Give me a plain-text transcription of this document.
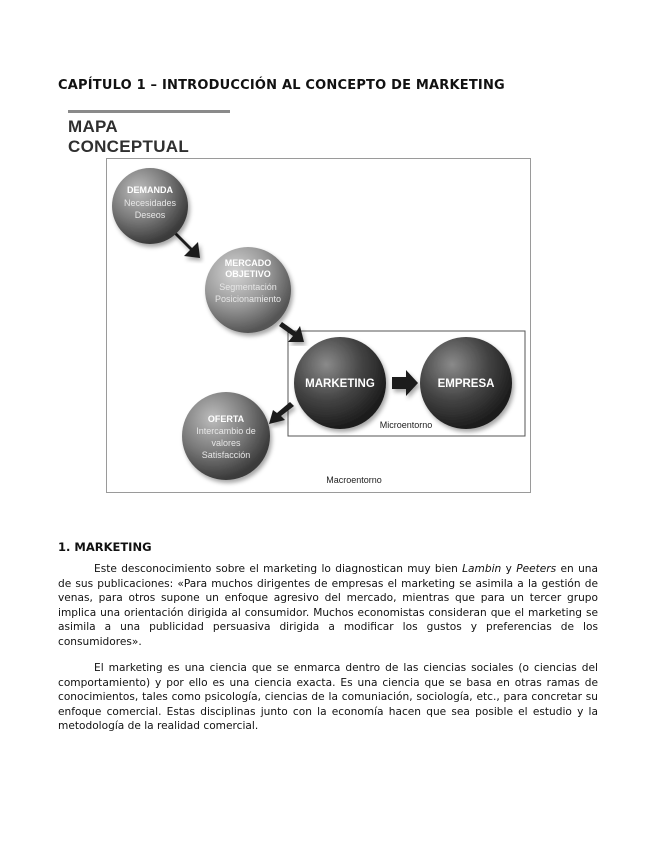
CAPÍTULO 1 – INTRODUCCIÓN AL CONCEPTO DE MARKETING
MAPA CONCEPTUAL
DEMANDA
Necesidades
Deseos
MERCADO
OBJETIVO
Segmentación
Posicionamiento
MARKETING	EMPRESA
OFERTA
Intercambio de
valores
Satisfacción
Microentorno
Macroentorno
1. MARKETING

Este desconocimiento sobre el marketing lo diagnostican muy bien Lambin y Peeters en una de sus publicaciones: «Para muchos dirigentes de empresas el marketing se asimila a la gestión de venas, para otros supone un enfoque agresivo del mercado, mientras que para un tercer grupo implica una orientación dirigida al consumidor. Muchos economistas consideran que el marketing se asimila a una publicidad persuasiva dirigida a modificar los gustos y preferencias de los consumidores».

El marketing es una ciencia que se enmarca dentro de las ciencias sociales (o ciencias del comportamiento) y por ello es una ciencia exacta. Es una ciencia que se basa en otras ramas de conocimientos, tales como psicología, ciencias de la comuniación, sociología, etc., para concretar su enfoque comercial. Estas disciplinas junto con la economía hacen que sea posible el estudio y la metodología de la realidad comercial.
